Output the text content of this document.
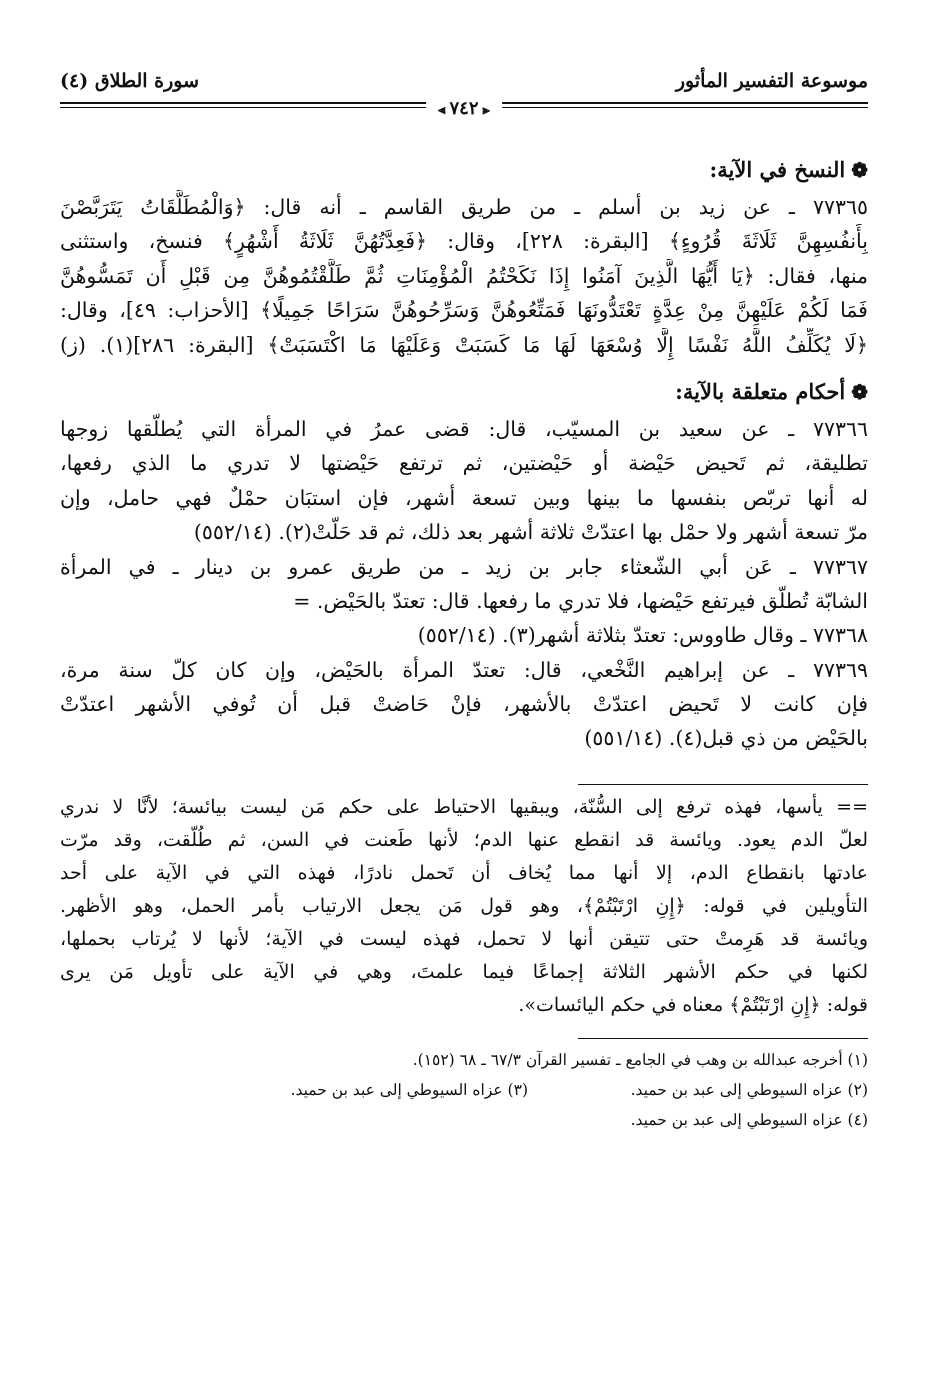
موسوعة التفسير المأثور
سورة الطلاق (٤)
⫷ ٧٤٢ ⫸
❁النسخ في الآية:
٧٧٣٦٥ ـ عن زيد بن أسلم ـ من طريق القاسم ـ أنه قال: ﴿وَالْمُطَلَّقَاتُ يَتَرَبَّصْنَ
بِأَنفُسِهِنَّ ثَلَاثَةَ قُرُوءٍ﴾ [البقرة: ٢٢٨]، وقال: ﴿فَعِدَّتُهُنَّ ثَلَاثَةُ أَشْهُرٍ﴾ فنسخ، واستثنى
منها، فقال: ﴿يَا أَيُّهَا الَّذِينَ آمَنُوا إِذَا نَكَحْتُمُ الْمُؤْمِنَاتِ ثُمَّ طَلَّقْتُمُوهُنَّ مِن قَبْلِ أَن تَمَسُّوهُنَّ
فَمَا لَكُمْ عَلَيْهِنَّ مِنْ عِدَّةٍ تَعْتَدُّونَهَا فَمَتِّعُوهُنَّ وَسَرِّحُوهُنَّ سَرَاحًا جَمِيلًا﴾ [الأحزاب: ٤٩]، وقال:
﴿لَا يُكَلِّفُ اللَّهُ نَفْسًا إِلَّا وُسْعَهَا لَهَا مَا كَسَبَتْ وَعَلَيْهَا مَا اكْتَسَبَتْ﴾ [البقرة: ٢٨٦](١). (ز)
❁أحكام متعلقة بالآية:
٧٧٣٦٦ ـ عن سعيد بن المسيّب، قال: قضى عمرُ في المرأة التي يُطلّقها زوجها
تطليقة، ثم تَحيض حَيْضة أو حَيْضتين، ثم ترتفع حَيْضتها لا تدري ما الذي رفعها،
له أنها تربّص بنفسها ما بينها وبين تسعة أشهر، فإن استبَان حمْلٌ فهي حامل، وإن
مرّ تسعة أشهر ولا حمْل بها اعتدّتْ ثلاثة أشهر بعد ذلك، ثم قد حَلّتْ(٢). (٥٥٢/١٤)
٧٧٣٦٧ ـ عَن أبي الشّعثاء جابر بن زيد ـ من طريق عمرو بن دينار ـ في المرأة
الشابّة تُطلّق فيرتفع حَيْضها، فلا تدري ما رفعها. قال: تعتدّ بالحَيْض. =
٧٧٣٦٨ ـ وقال طاووس: تعتدّ بثلاثة أشهر(٣). (٥٥٢/١٤)
٧٧٣٦٩ ـ عن إبراهيم النَّخْعي، قال: تعتدّ المرأة بالحَيْض، وإن كان كلّ سنة مرة،
فإن كانت لا تَحيض اعتدّتْ بالأشهر، فإنْ حَاضتْ قبل أن تُوفي الأشهر اعتدّتْ
بالحَيْض من ذي قبل(٤). (٥٥١/١٤)
== يأسها، فهذه ترفع إلى السُّنّة، ويبقيها الاحتياط على حكم مَن ليست بيائسة؛ لأنَّا لا ندري
لعلّ الدم يعود. ويائسة قد انقطع عنها الدم؛ لأنها طَعنت في السن، ثم طُلّقت، وقد مرّت
عادتها بانقطاع الدم، إلا أنها مما يُخاف أن تَحمل نادرًا، فهذه التي في الآية على أحد
التأويلين في قوله: ﴿إِنِ ارْتَبْتُمْ﴾، وهو قول مَن يجعل الارتياب بأمر الحمل، وهو الأظهر.
ويائسة قد هَرِمتْ حتى تتيقن أنها لا تحمل، فهذه ليست في الآية؛ لأنها لا يُرتاب بحملها،
لكنها في حكم الأشهر الثلاثة إجماعًا فيما علمتَ، وهي في الآية على تأويل مَن يرى
قوله: ﴿إِنِ ارْتَبْتُمْ﴾ معناه في حكم اليائسات».
(١) أخرجه عبدالله بن وهب في الجامع ـ تفسير القرآن ٦٧/٣ ـ ٦٨ (١٥٢).
(٢) عزاه السيوطي إلى عبد بن حميد.
(٣) عزاه السيوطي إلى عبد بن حميد.
(٤) عزاه السيوطي إلى عبد بن حميد.
